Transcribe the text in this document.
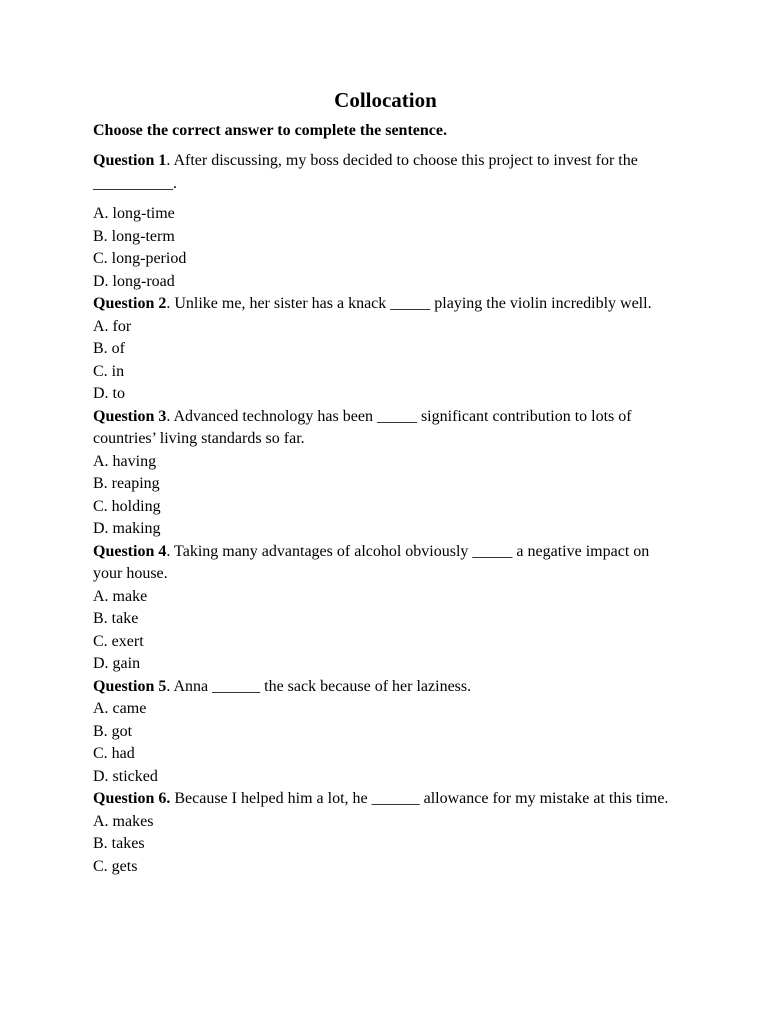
Collocation

Choose the correct answer to complete the sentence.

Question 1. After discussing, my boss decided to choose this project to invest for the __________.

A. long-time
B. long-term
C. long-period
D. long-road

Question 2. Unlike me, her sister has a knack _____ playing the violin incredibly well.

A. for
B. of
C. in
D. to

Question 3. Advanced technology has been _____ significant contribution to lots of countries’ living standards so far.

A. having
B. reaping
C. holding
D. making

Question 4. Taking many advantages of alcohol obviously _____ a negative impact on your house.

A. make
B. take
C. exert
D. gain

Question 5. Anna ______ the sack because of her laziness.

A. came
B. got
C. had
D. sticked

Question 6. Because I helped him a lot, he ______ allowance for my mistake at this time.

A. makes
B. takes
C. gets
